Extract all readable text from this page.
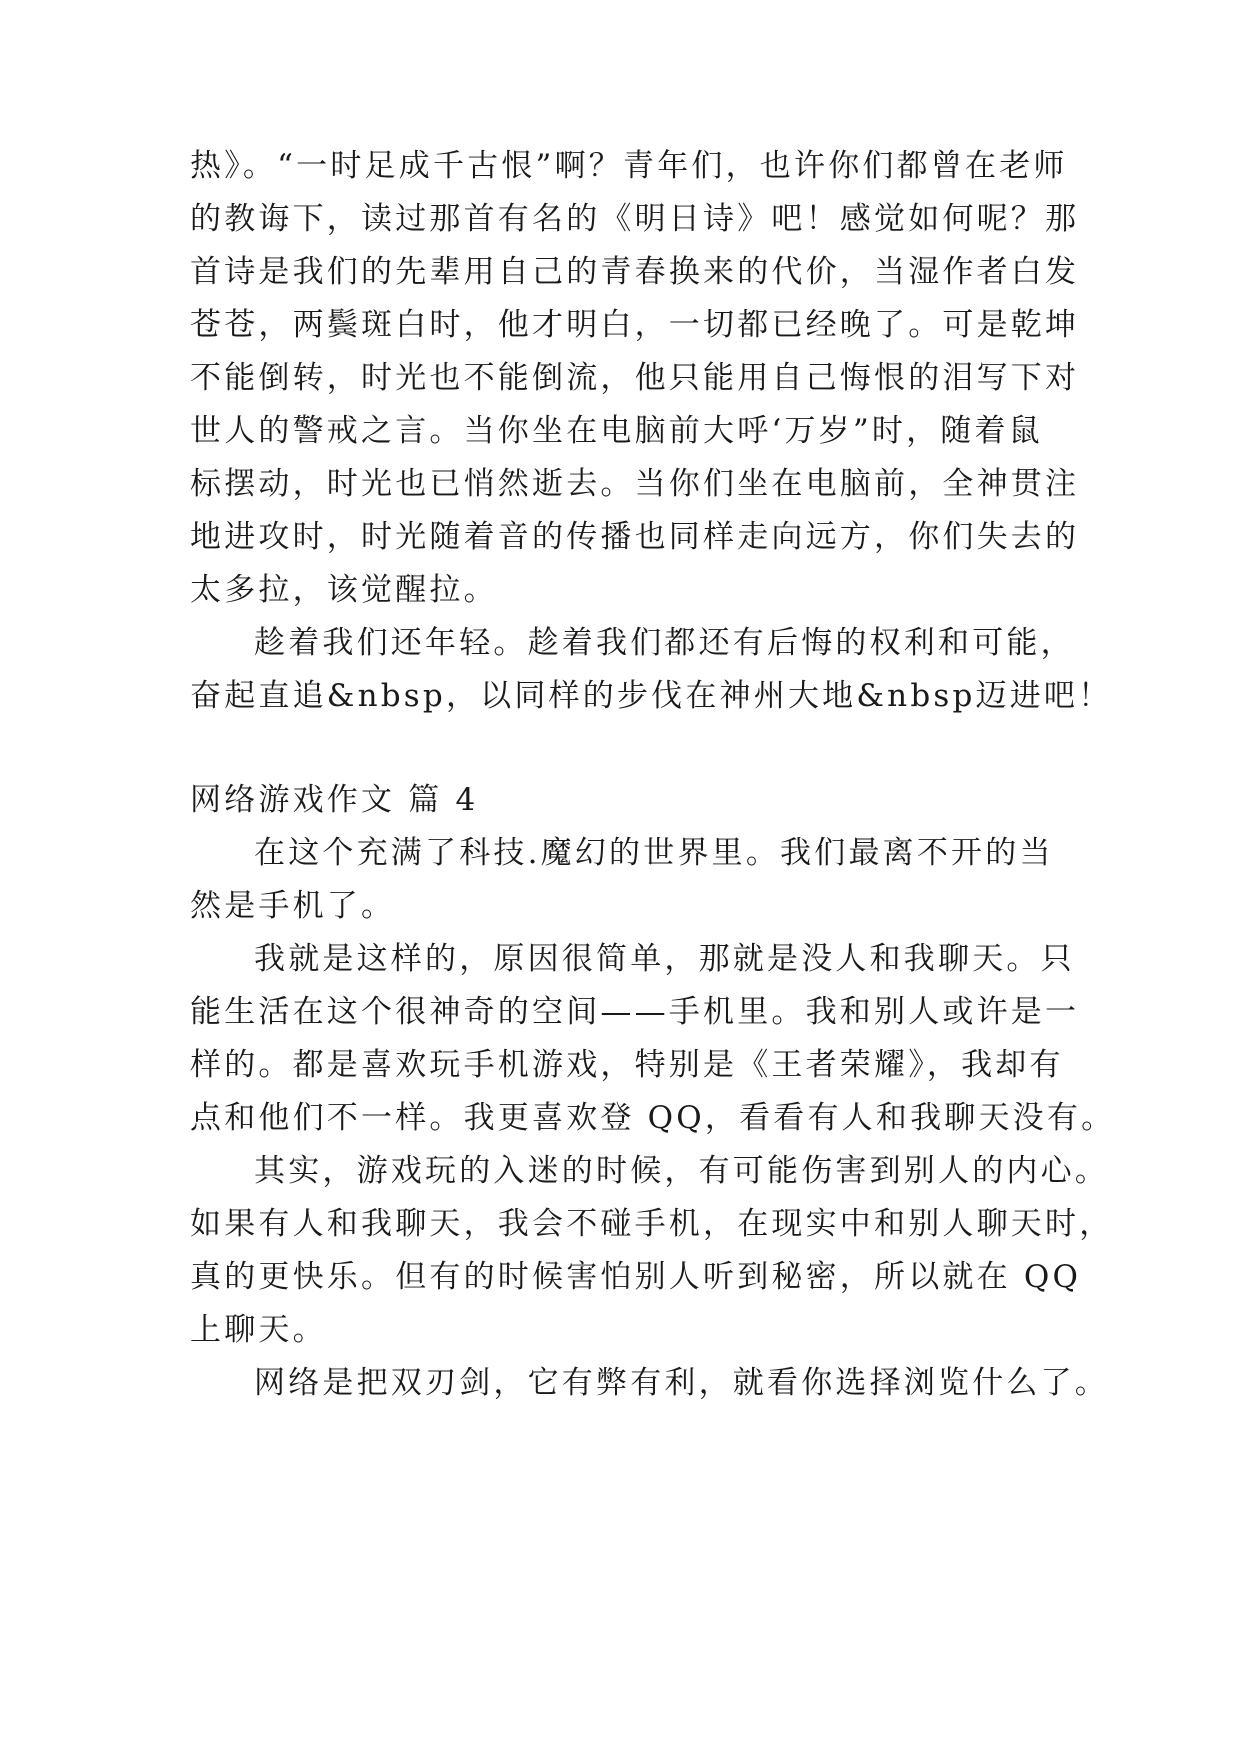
热》。“一时足成千古恨”啊？青年们，也许你们都曾在老师
的教诲下，读过那首有名的《明日诗》吧！感觉如何呢？那
首诗是我们的先辈用自己的青春换来的代价，当湿作者白发
苍苍，两鬓斑白时，他才明白，一切都已经晚了。可是乾坤
不能倒转，时光也不能倒流，他只能用自己悔恨的泪写下对
世人的警戒之言。当你坐在电脑前大呼‘万岁”时，随着鼠
标摆动，时光也已悄然逝去。当你们坐在电脑前，全神贯注
地进攻时，时光随着音的传播也同样走向远方，你们失去的
太多拉，该觉醒拉。
趁着我们还年轻。趁着我们都还有后悔的权利和可能，
奋起直追&nbsp，以同样的步伐在神州大地&nbsp迈进吧！
网络游戏作文 篇 4
在这个充满了科技.魔幻的世界里。我们最离不开的当
然是手机了。
我就是这样的，原因很简单，那就是没人和我聊天。只
能生活在这个很神奇的空间——手机里。我和别人或许是一
样的。都是喜欢玩手机游戏，特别是《王者荣耀》，我却有
点和他们不一样。我更喜欢登 QQ，看看有人和我聊天没有。
其实，游戏玩的入迷的时候，有可能伤害到别人的内心。
如果有人和我聊天，我会不碰手机，在现实中和别人聊天时，
真的更快乐。但有的时候害怕别人听到秘密，所以就在 QQ
上聊天。
网络是把双刃剑，它有弊有利，就看你选择浏览什么了。
